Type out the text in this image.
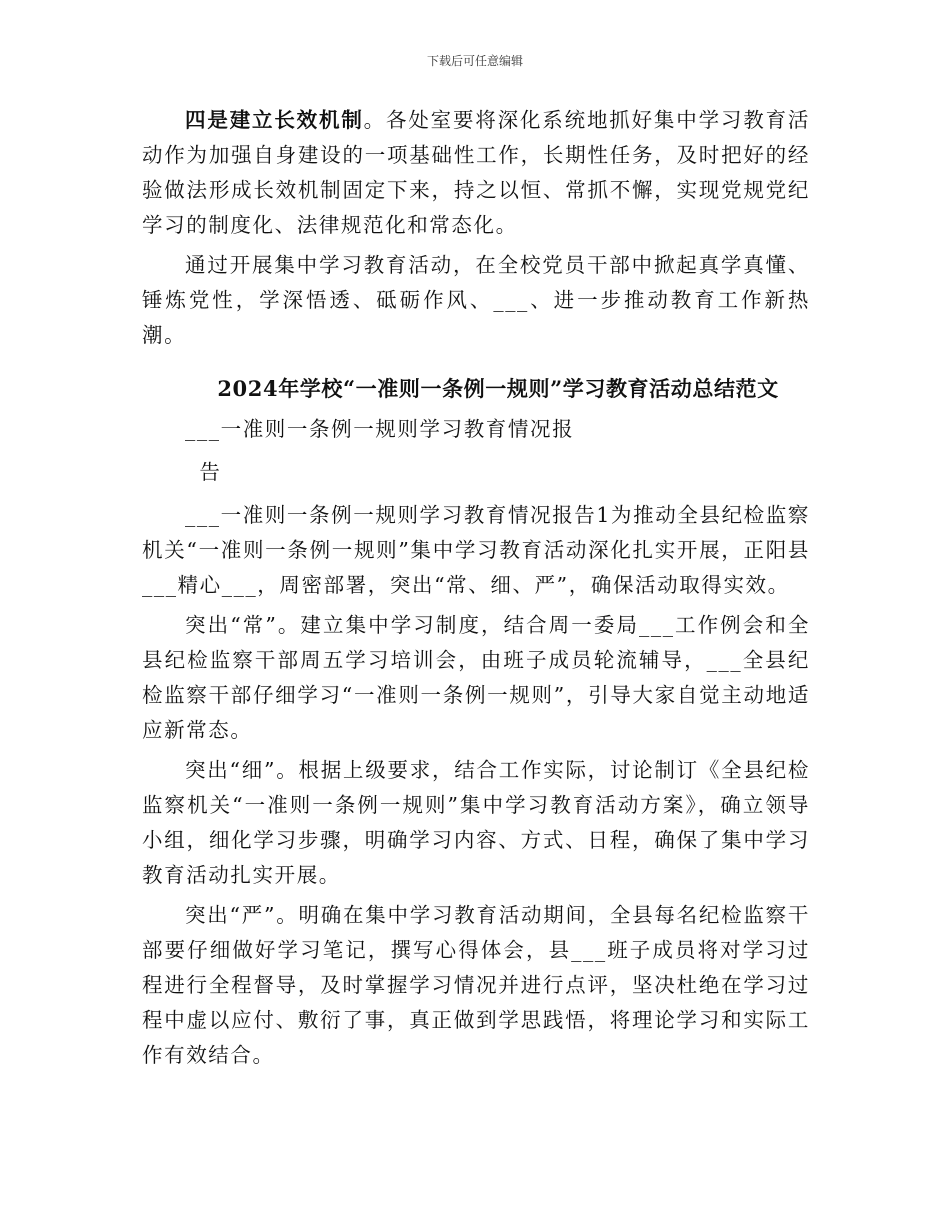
下载后可任意编辑

四是建立长效机制。各处室要将深化系统地抓好集中学习教育活动作为加强自身建设的一项基础性工作，长期性任务，及时把好的经验做法形成长效机制固定下来，持之以恒、常抓不懈，实现党规党纪学习的制度化、法律规范化和常态化。

通过开展集中学习教育活动，在全校党员干部中掀起真学真懂、锤炼党性，学深悟透、砥砺作风、___、进一步推动教育工作新热潮。

2024年学校“一准则一条例一规则”学习教育活动总结范文

___一准则一条例一规则学习教育情况报

告

___一准则一条例一规则学习教育情况报告1为推动全县纪检监察机关“一准则一条例一规则”集中学习教育活动深化扎实开展，正阳县___精心___，周密部署，突出“常、细、严”，确保活动取得实效。

突出“常”。建立集中学习制度，结合周一委局___工作例会和全县纪检监察干部周五学习培训会，由班子成员轮流辅导，___全县纪检监察干部仔细学习“一准则一条例一规则”，引导大家自觉主动地适应新常态。

突出“细”。根据上级要求，结合工作实际，讨论制订《全县纪检监察机关“一准则一条例一规则”集中学习教育活动方案》，确立领导小组，细化学习步骤，明确学习内容、方式、日程，确保了集中学习教育活动扎实开展。

突出“严”。明确在集中学习教育活动期间，全县每名纪检监察干部要仔细做好学习笔记，撰写心得体会，县___班子成员将对学习过程进行全程督导，及时掌握学习情况并进行点评，坚决杜绝在学习过程中虚以应付、敷衍了事，真正做到学思践悟，将理论学习和实际工作有效结合。
